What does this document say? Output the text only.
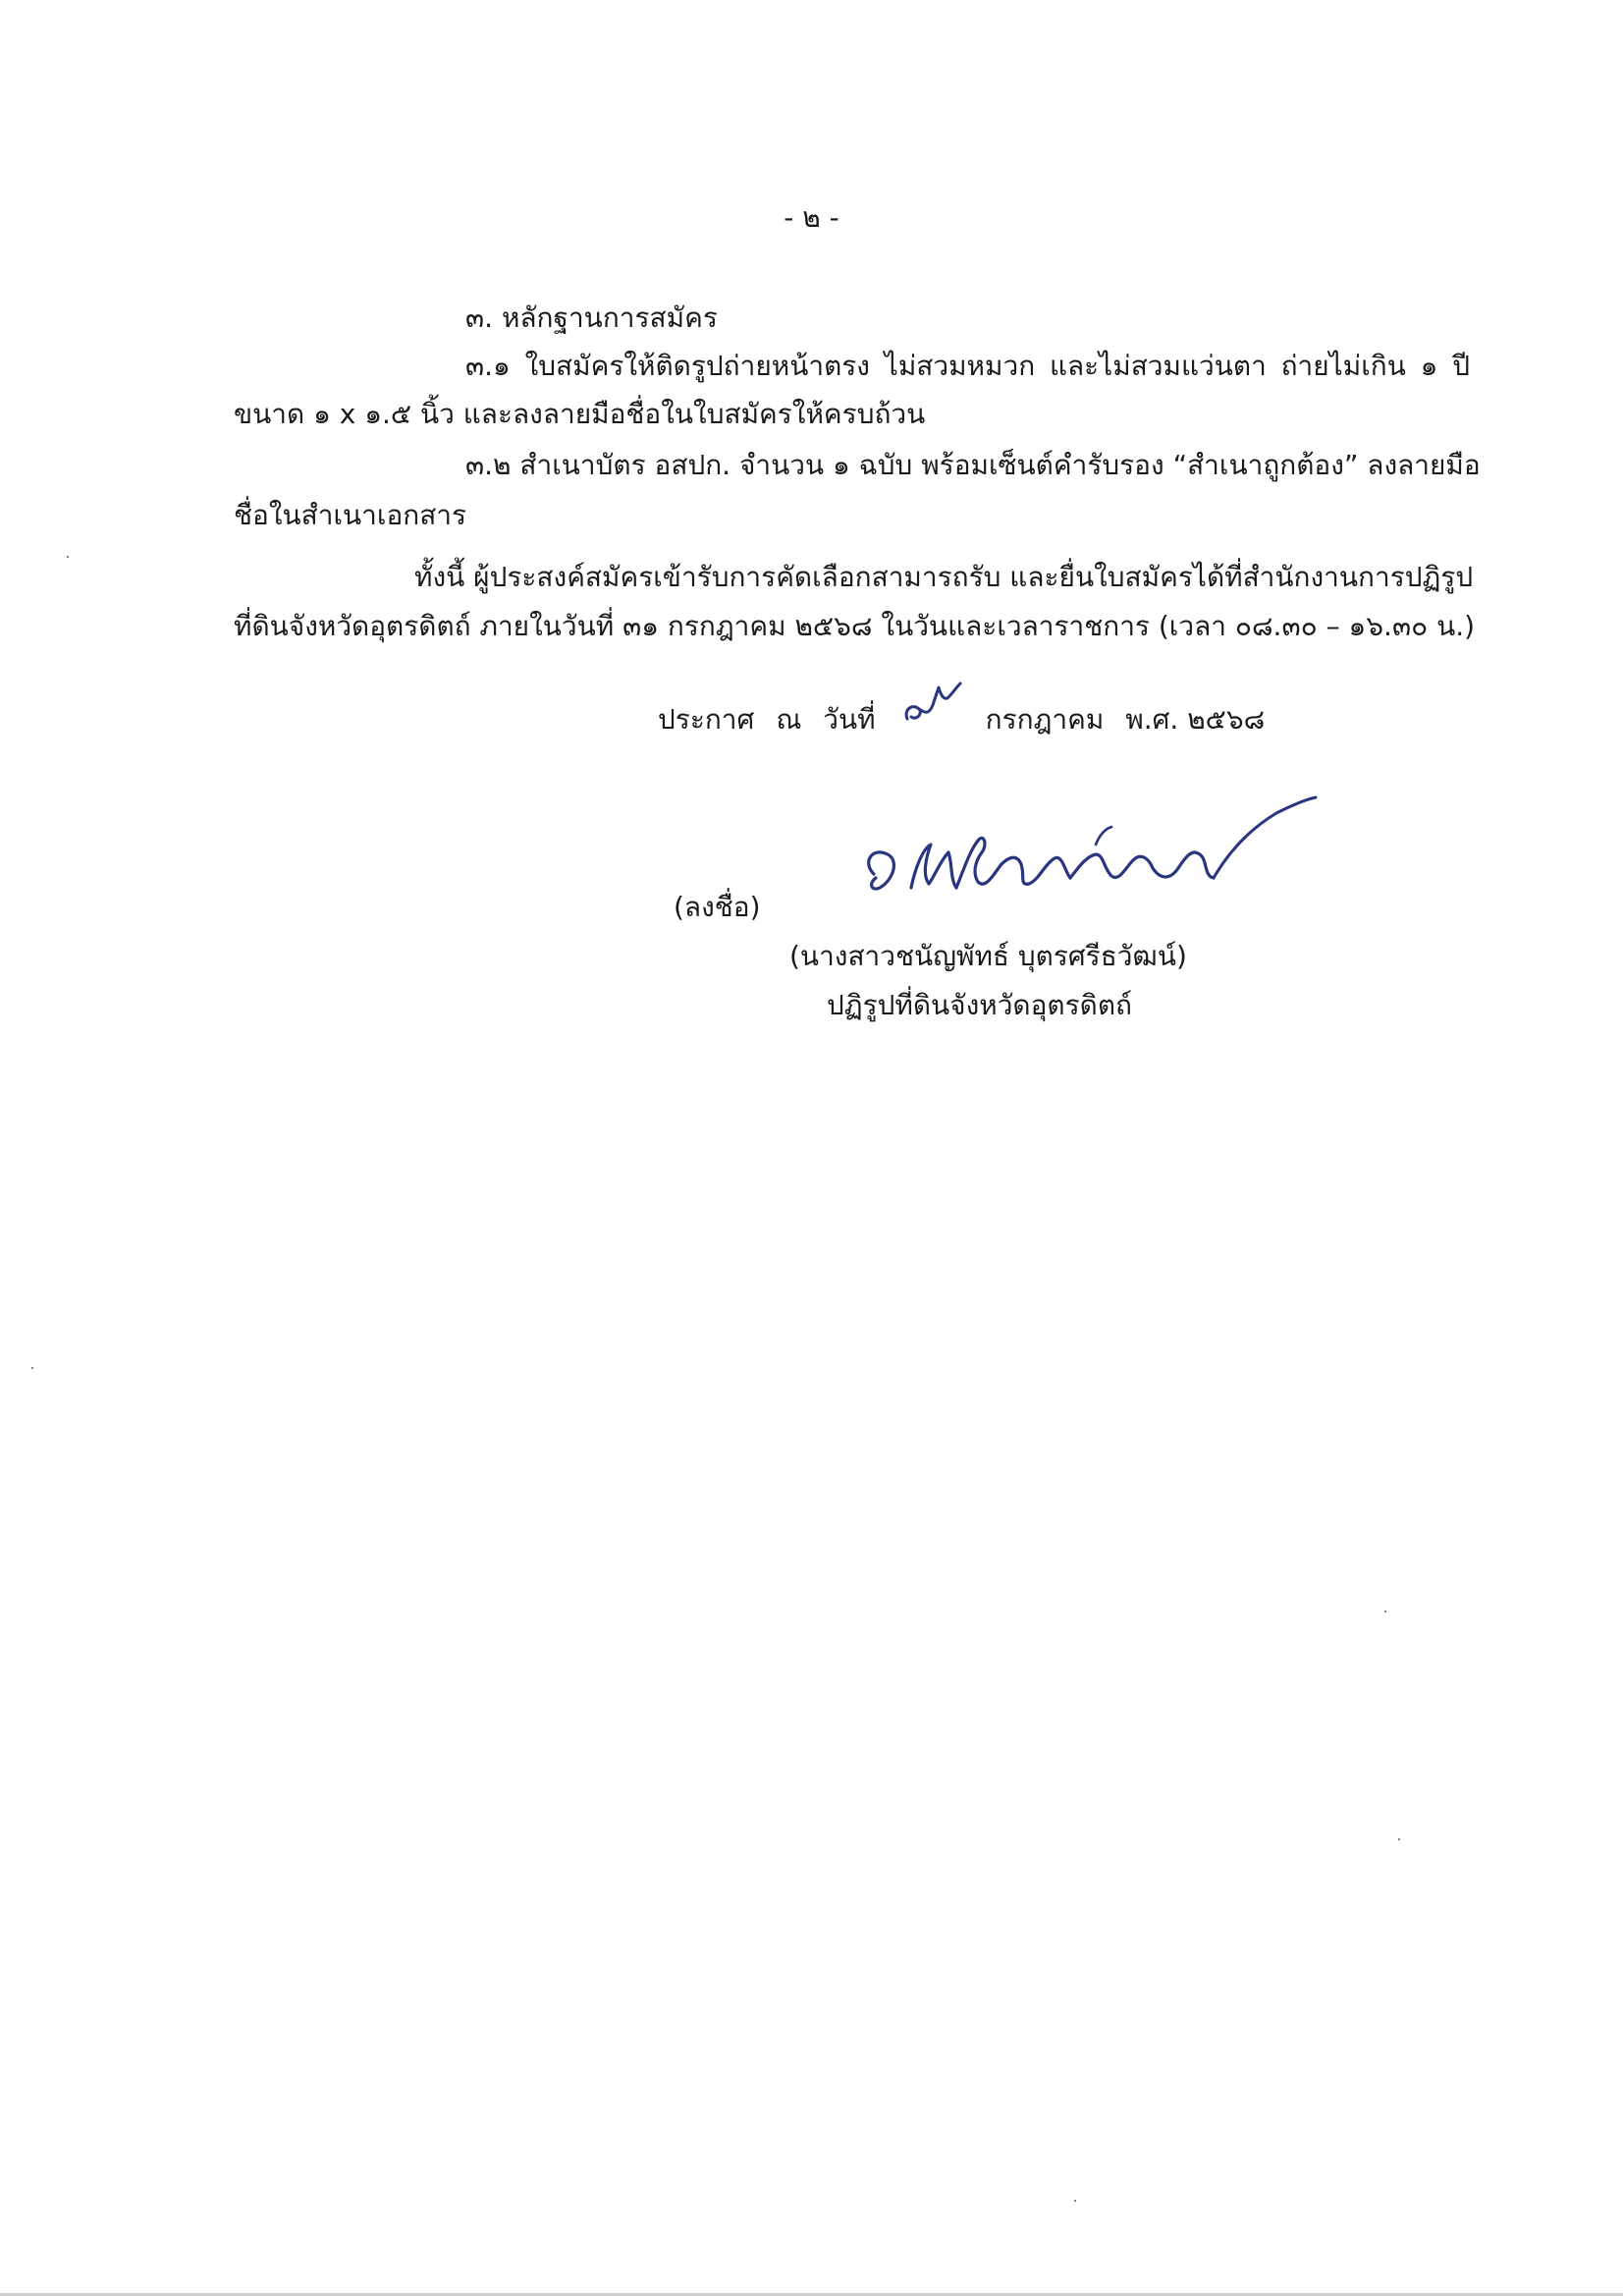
- ๒ -
๓. หลักฐานการสมัคร
๓.๑ ใบสมัครให้ติดรูปถ่ายหน้าตรง ไม่สวมหมวก และไม่สวมแว่นตา ถ่ายไม่เกิน ๑ ปี
ขนาด ๑ x ๑.๕ นิ้ว และลงลายมือชื่อในใบสมัครให้ครบถ้วน
๓.๒ สำเนาบัตร อสปก. จำนวน ๑ ฉบับ พร้อมเซ็นต์คำรับรอง “สำเนาถูกต้อง” ลงลายมือ
ชื่อในสำเนาเอกสาร
ทั้งนี้ ผู้ประสงค์สมัครเข้ารับการคัดเลือกสามารถรับ และยื่นใบสมัครได้ที่สำนักงานการปฏิรูป
ที่ดินจังหวัดอุตรดิตถ์ ภายในวันที่ ๓๑ กรกฎาคม ๒๕๖๘ ในวันและเวลาราชการ (เวลา ๐๘.๓๐ – ๑๖.๓๐ น.)
ประกาศ ณ วันที่	กรกฎาคม พ.ศ. ๒๕๖๘
(ลงชื่อ)
(นางสาวชนัญพัทธ์ บุตรศรีธวัฒน์)
ปฏิรูปที่ดินจังหวัดอุตรดิตถ์
